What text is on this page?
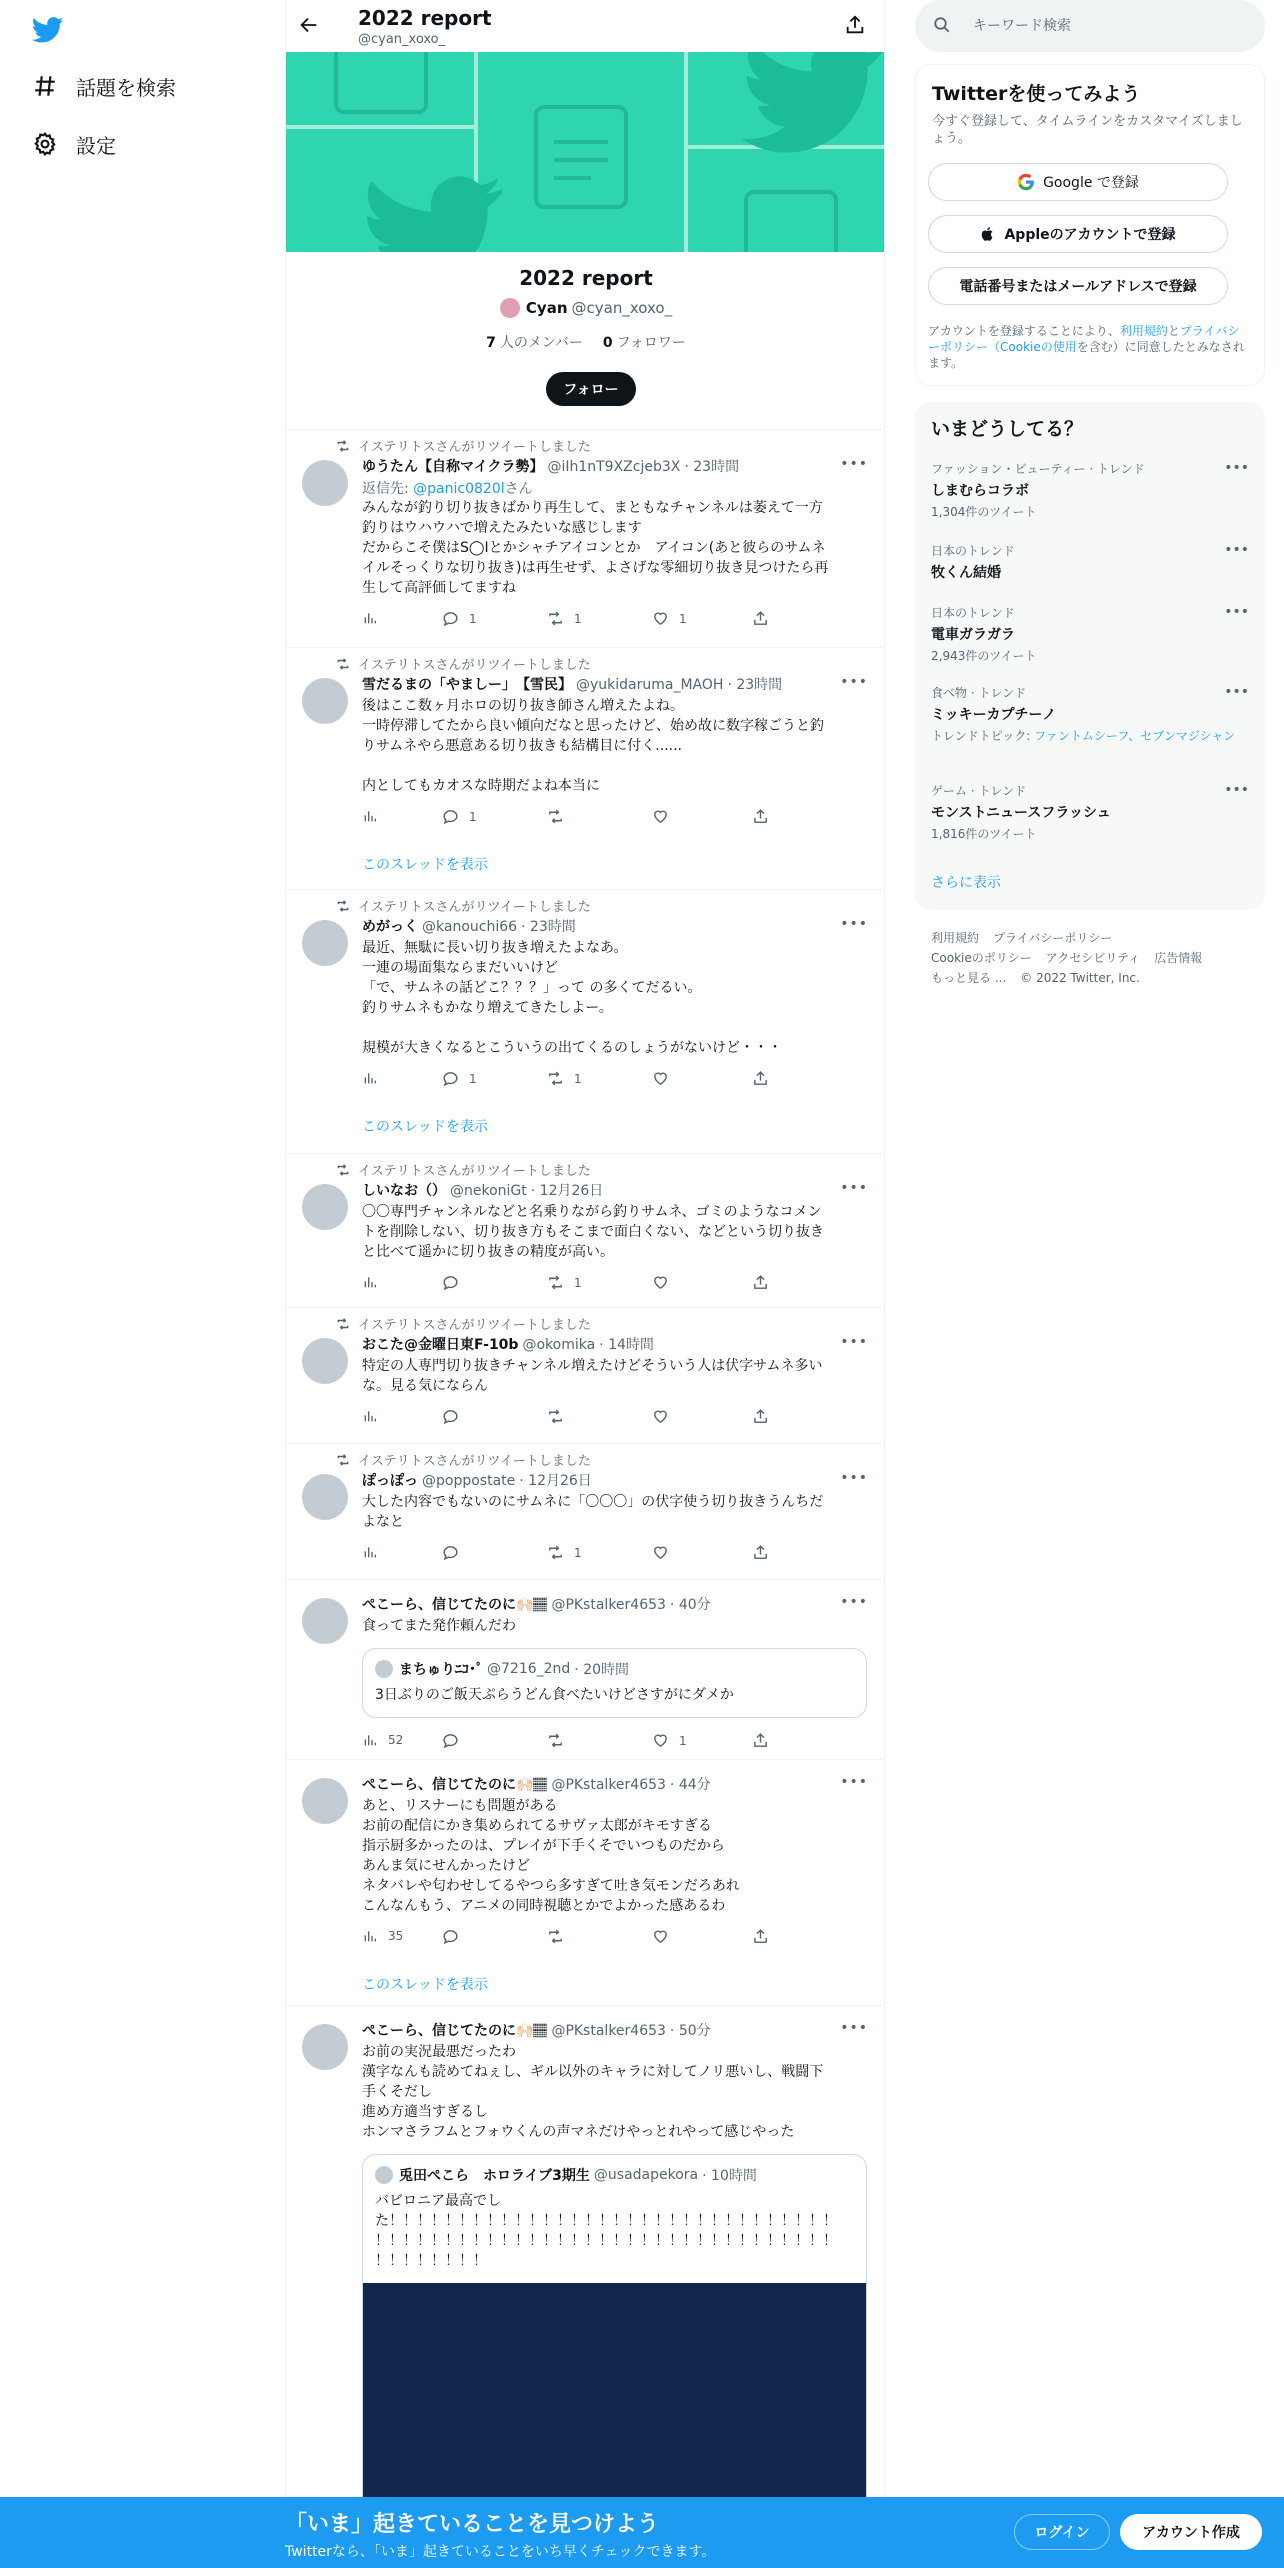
話題を検索
設定
2022 report
@cyan_xoxo_
2022 report
Cyan @cyan_xoxo_
7 人のメンバー 0 フォロワー
フォロー
イステリトスさんがリツイートしました
ゆうたん【自称マイクラ勢】 @iIh1nT9XZcjeb3X · 23時間	•••
返信先: @panic0820lさん
みんなが釣り切り抜きばかり再生して、まともなチャンネルは萎えて一方
釣りはウハウハで増えたみたいな感じします
だからこそ僕はS◯Iとかシャチアイコンとか　アイコン(あと彼らのサムネ
イルそっくりな切り抜き)は再生せず、よさげな零細切り抜き見つけたら再
生して高評価してますね
1	1	1
イステリトスさんがリツイートしました
雪だるまの「やましー」　【雪民】 @yukidaruma_MAOH · 23時間	•••
後はここ数ヶ月ホロの切り抜き師さん増えたよね。
一時停滞してたから良い傾向だなと思ったけど、始め故に数字稼ごうと釣
りサムネやら悪意ある切り抜きも結構目に付く......

内としてもカオスな時期だよね本当に
1
このスレッドを表示
イステリトスさんがリツイートしました
めがっく @kanouchi66 · 23時間	•••
最近、無駄に長い切り抜き増えたよなあ。
一連の場面集ならまだいいけど
「で、サムネの話どこ？？？」って の多くてだるい。
釣りサムネもかなり増えてきたしよー。

規模が大きくなるとこういうの出てくるのしょうがないけど・・・
1	1
このスレッドを表示
イステリトスさんがリツイートしました
しいなお（） @nekoniGt · 12月26日	•••
〇〇専門チャンネルなどと名乗りながら釣りサムネ、ゴミのようなコメン
トを削除しない、切り抜き方もそこまで面白くない、などという切り抜き
と比べて遥かに切り抜きの精度が高い。
1
イステリトスさんがリツイートしました
おこた@金曜日東F-10b @okomika · 14時間	•••
特定の人専門切り抜きチャンネル増えたけどそういう人は伏字サムネ多い
な。見る気にならん
イステリトスさんがリツイートしました
ぽっぽっ @poppostate · 12月26日	•••
大した内容でもないのにサムネに「〇〇〇」の伏字使う切り抜きうんちだ
よなと
1
ぺこーら、信じてたのに🙌🏻🏽 @PKstalker4653 · 40分	•••
食ってまた発作頼んだわ
まちゅり﻿ﾆｺ･ﾟ @7216_2nd · 20時間
3日ぶりのご飯天ぷらうどん食べたいけどさすがにダメか
52	1
ぺこーら、信じてたのに🙌🏻🏽 @PKstalker4653 · 44分	•••
あと、リスナーにも問題がある
お前の配信にかき集められてるサヴァ太郎がキモすぎる
指示厨多かったのは、プレイが下手くそでいつものだから
あんま気にせんかったけど
ネタバレや匂わせしてるやつら多すぎて吐き気モンだろあれ
こんなんもう、アニメの同時視聴とかでよかった感あるわ
35
このスレッドを表示
ぺこーら、信じてたのに🙌🏻🏽 @PKstalker4653 · 50分	•••
お前の実況最悪だったわ
漢字なんも読めてねぇし、ギル以外のキャラに対してノリ悪いし、戦闘下
手くそだし
進め方適当すぎるし
ホンマさラフムとフォウくんの声マネだけやっとれやって感じやった
兎田ぺこら　ホロライブ3期生 @usadapekora · 10時間
バビロニア最高でし
た！！！！！！！！！！！！！！！！！！！！！！！！！！！！！！！！
！！！！！！！！！！！！！！！！！！！！！！！！！！！！！！！！！
！！！！！！！！
キーワード検索
Twitterを使ってみよう
今すぐ登録して、タイムラインをカスタマイズしましょう。
Google で登録
Appleのアカウントで登録
電話番号またはメールアドレスで登録
アカウントを登録することにより、利用規約とプライバシーポリシー（Cookieの使用を含む）に同意したとみなされます。
いまどうしてる？
ファッション・ビューティー · トレンド
しまむらコラボ
1,304件のツイート
•••
日本のトレンド
牧くん結婚
•••
日本のトレンド
電車ガラガラ
2,943件のツイート
•••
食べ物 · トレンド
ミッキーカプチーノ
トレンドトピック: ファントムシーフ、セブンマジシャン
•••
ゲーム · トレンド
モンストニュースフラッシュ
1,816件のツイート
•••
さらに表示
利用規約 プライバシーポリシー
Cookieのポリシー アクセシビリティ 広告情報
もっと見る ... © 2022 Twitter, Inc.
「いま」起きていることを見つけよう
Twitterなら、「いま」起きていることをいち早くチェックできます。
ログイン	アカウント作成
